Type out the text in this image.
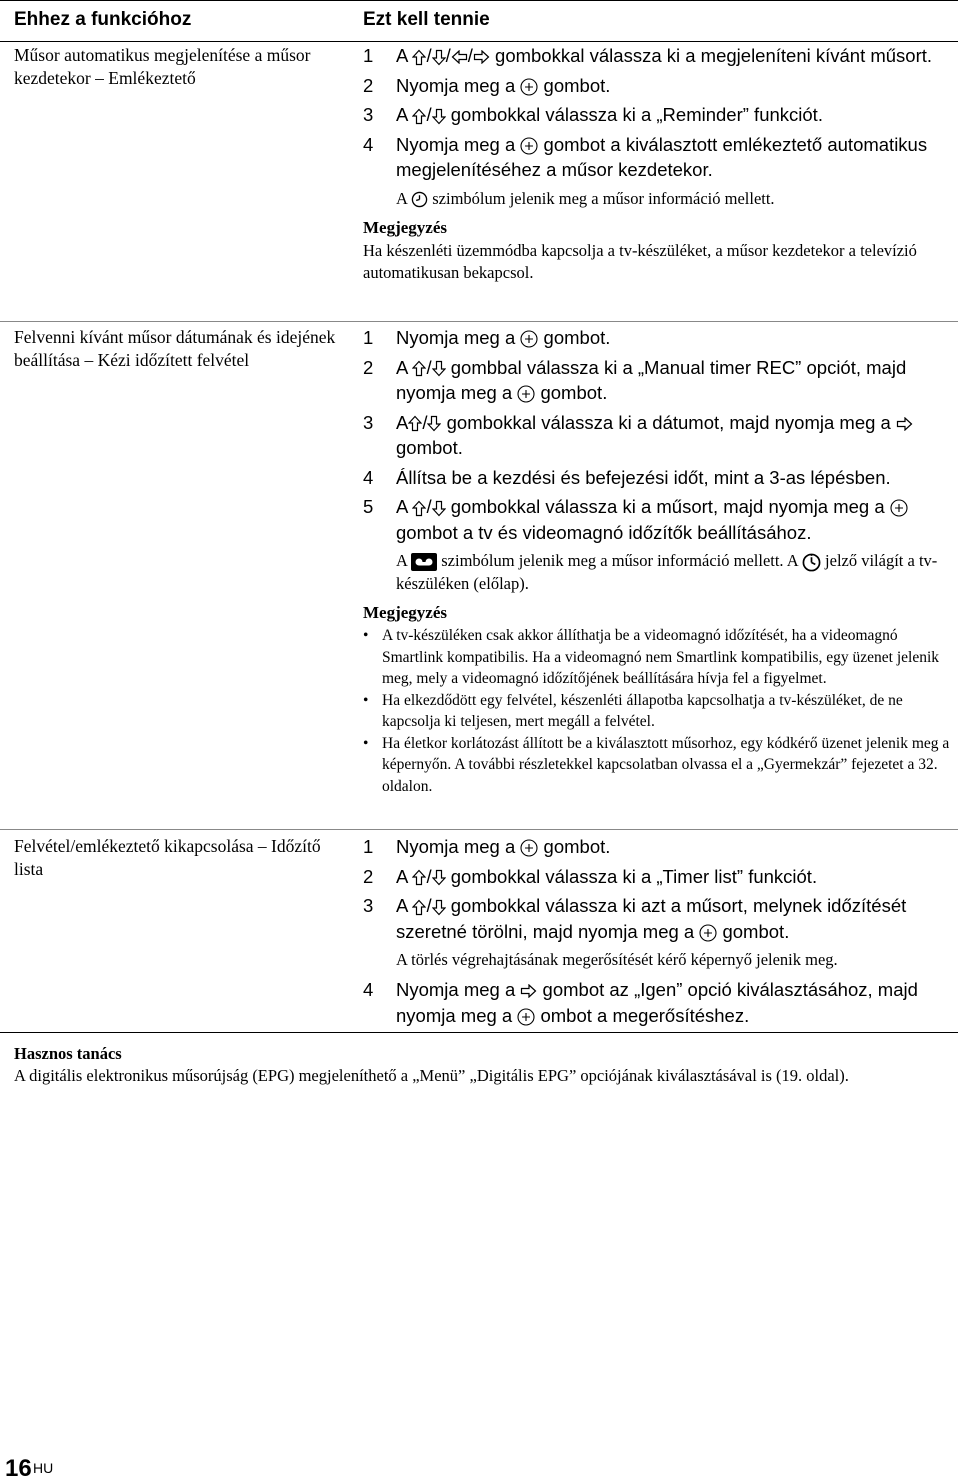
Ehhez a funkcióhoz	Ezt kell tennie
Műsor automatikus megjelenítése a műsor kezdetekor – Emlékeztető
1 A / / / gombokkal válassza ki a megjeleníteni kívánt műsort.
2 Nyomja meg a  gombot.
3 A / gombokkal válassza ki a „Reminder” funkciót.
4 Nyomja meg a  gombot a kiválasztott emlékeztető automatikus megjelenítéséhez a műsor kezdetekor.
A  szimbólum jelenik meg a műsor információ mellett.
Megjegyzés
Ha készenléti üzemmódba kapcsolja a tv-készüléket, a műsor kezdetekor a televízió automatikusan bekapcsol.
Felvenni kívánt műsor dátumának és idejének beállítása – Kézi időzített felvétel
1 Nyomja meg a  gombot.
2 A / gombbal válassza ki a „Manual timer REC” opciót, majd nyomja meg a  gombot.
3 A / gombokkal válassza ki a dátumot, majd nyomja meg a  gombot.
4 Állítsa be a kezdési és befejezési időt, mint a 3-as lépésben.
5 A / gombokkal válassza ki a műsort, majd nyomja meg a  gombot a tv és videomagnó időzítők beállításához.
A  szimbólum jelenik meg a műsor információ mellett. A  jelző világít a tv-készüléken (előlap).
Megjegyzés
• A tv-készüléken csak akkor állíthatja be a videomagnó időzítését, ha a videomagnó Smartlink kompatibilis. Ha a videomagnó nem Smartlink kompatibilis, egy üzenet jelenik meg, mely a videomagnó időzítőjének beállítására hívja fel a figyelmet.
• Ha elkezdődött egy felvétel, készenléti állapotba kapcsolhatja a tv-készüléket, de ne kapcsolja ki teljesen, mert megáll a felvétel.
• Ha életkor korlátozást állított be a kiválasztott műsorhoz, egy kódkérő üzenet jelenik meg a képernyőn. A további részletekkel kapcsolatban olvassa el a „Gyermekzár” fejezetet a 32. oldalon.
Felvétel/emlékeztető kikapcsolása – Időzítő lista
1 Nyomja meg a  gombot.
2 A / gombokkal válassza ki a „Timer list” funkciót.
3 A / gombokkal válassza ki azt a műsort, melynek időzítését szeretné törölni, majd nyomja meg a  gombot.
A törlés végrehajtásának megerősítését kérő képernyő jelenik meg.
4 Nyomja meg a  gombot az „Igen” opció kiválasztásához, majd nyomja meg a  ombot a megerősítéshez.
Hasznos tanács
A digitális elektronikus műsorújság (EPG) megjeleníthető a „Menü” „Digitális EPG” opciójának kiválasztásával is (19. oldal).
16 HU
